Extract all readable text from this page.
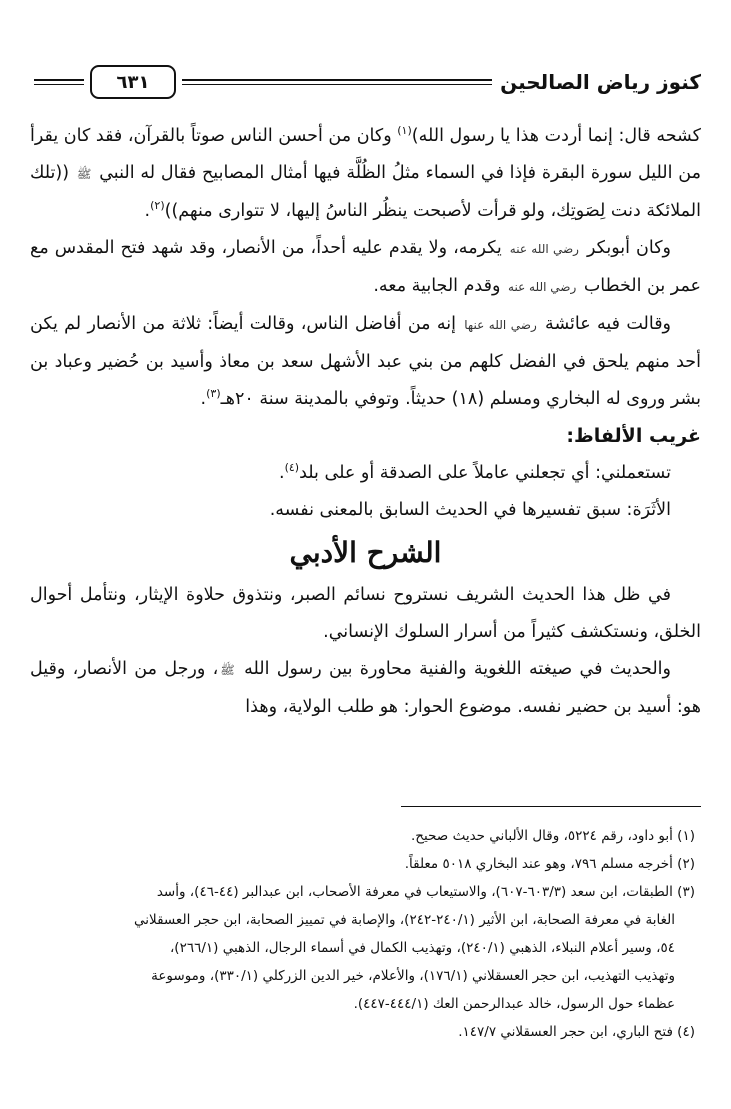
كنوز رياض الصالحين
٦٣١

كشحه قال: إنما أردت هذا يا رسول الله)$^{(١)}$ وكان من أحسن الناس صوتاً بالقرآن، فقد كان يقرأ من الليل سورة البقرة فإذا في السماء مثلُ الظُلَّة فيها أمثال المصابيح فقال له النبي ﷺ ((تلك الملائكة دنت لِصَوتِك، ولو قرأت لأصبحت ينظُر الناسُ إليها، لا تتوارى منهم))$^{(٢)}$.

وكان أبوبكر رضي الله عنه يكرمه، ولا يقدم عليه أحداً، من الأنصار، وقد شهد فتح المقدس مع عمر بن الخطاب رضي الله عنه وقدم الجابية معه.

وقالت فيه عائشة رضي الله عنها إنه من أفاضل الناس، وقالت أيضاً: ثلاثة من الأنصار لم يكن أحد منهم يلحق في الفضل كلهم من بني عبد الأشهل سعد بن معاذ وأسيد بن حُضير وعباد بن بشر وروى له البخاري ومسلم (١٨) حديثاً. وتوفي بالمدينة سنة ٢٠هـ$^{(٣)}$.

غريب الألفاظ:

تستعملني: أي تجعلني عاملاً على الصدقة أو على بلد$^{(٤)}$.

الأثَرَة: سبق تفسيرها في الحديث السابق بالمعنى نفسه.

الشرح الأدبي

في ظل هذا الحديث الشريف نستروح نسائم الصبر، ونتذوق حلاوة الإيثار، ونتأمل أحوال الخلق، ونستكشف كثيراً من أسرار السلوك الإنساني.

والحديث في صيغته اللغوية والفنية محاورة بين رسول الله ﷺ، ورجل من الأنصار، وقيل هو: أسيد بن حضير نفسه. موضوع الحوار: هو طلب الولاية، وهذا

(١) أبو داود، رقم ٥٢٢٤، وقال الألباني حديث صحيح.

(٢) أخرجه مسلم ٧٩٦، وهو عند البخاري ٥٠١٨ معلقاً.

(٣) الطبقات، ابن سعد (٦٠٣/٣-٦٠٧)، والاستيعاب في معرفة الأصحاب، ابن عبدالبر (٤٤-٤٦)، وأسد

الغابة في معرفة الصحابة، ابن الأثير (٢٤٠/١-٢٤٢)، والإصابة في تمييز الصحابة، ابن حجر العسقلاني

٥٤، وسير أعلام النبلاء، الذهبي (٢٤٠/١)، وتهذيب الكمال في أسماء الرجال، الذهبي (٢٦٦/١)،

وتهذيب التهذيب، ابن حجر العسقلاني (١٧٦/١)، والأعلام، خير الدين الزركلي (٣٣٠/١)، وموسوعة

عظماء حول الرسول، خالد عبدالرحمن العك (٤٤٤/١-٤٤٧).

(٤) فتح الباري، ابن حجر العسقلاني ١٤٧/٧.
